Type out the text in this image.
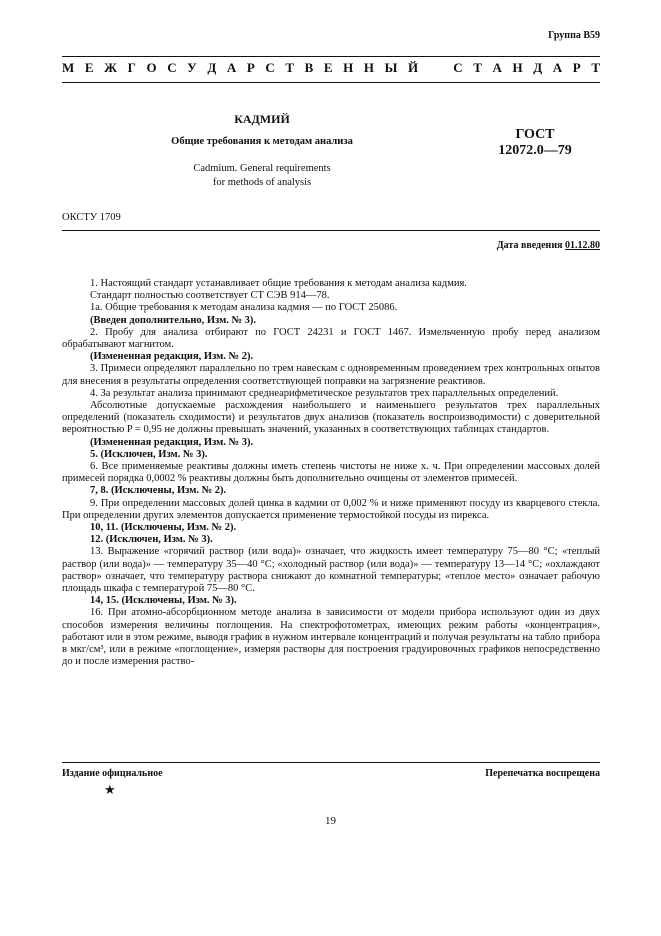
Группа В59
М Е Ж Г О С У Д А Р С Т В Е Н Н Ы Й	С Т А Н Д А Р Т
КАДМИЙ
Общие требования к методам анализа
Cadmium. General requirements
for methods of analysis
ГОСТ
12072.0—79
ОКСТУ 1709
Дата введения 01.12.80

1. Настоящий стандарт устанавливает общие требования к методам анализа кадмия.

Стандарт полностью соответствует СТ СЭВ 914—78.

1а. Общие требования к методам анализа кадмия — по ГОСТ 25086.

(Введен дополнительно, Изм. № 3).

2. Пробу для анализа отбирают по ГОСТ 24231 и ГОСТ 1467. Измельченную пробу перед анализом обрабатывают магнитом.

(Измененная редакция, Изм. № 2).

3. Примеси определяют параллельно по трем навескам с одновременным проведением трех контрольных опытов для внесения в результаты определения соответствующей поправки на загрязнение реактивов.

4. За результат анализа принимают среднеарифметическое результатов трех параллельных определений.

Абсолютные допускаемые расхождения наибольшего и наименьшего результатов трех параллельных определений (показатель сходимости) и результатов двух анализов (показатель воспроизводимости) с доверительной вероятностью P = 0,95 не должны превышать значений, указанных в соответствующих таблицах стандартов.

(Измененная редакция, Изм. № 3).

5. (Исключен, Изм. № 3).

6. Все применяемые реактивы должны иметь степень чистоты не ниже х. ч. При определении массовых долей примесей порядка 0,0002 % реактивы должны быть дополнительно очищены от элементов примесей.

7, 8. (Исключены, Изм. № 2).

9. При определении массовых долей цинка в кадмии от 0,002 % и ниже применяют посуду из кварцевого стекла. При определении других элементов допускается применение термостойкой посуды из пирекса.

10, 11. (Исключены, Изм. № 2).

12. (Исключен, Изм. № 3).

13. Выражение «горячий раствор (или вода)» означает, что жидкость имеет температуру 75—80 °С; «теплый раствор (или вода)» — температуру 35—40 °С; «холодный раствор (или вода)» — температуру 13—14 °С; «охлаждают раствор» означает, что температуру раствора снижают до комнатной температуры; «теплое место» означает рабочую площадь шкафа с температурой 75—80 °С.

14, 15. (Исключены, Изм. № 3).

16. При атомно-абсорбционном методе анализа в зависимости от модели прибора используют один из двух способов измерения величины поглощения. На спектрофотометрах, имеющих режим работы «концентрация», работают или в этом режиме, выводя график в нужном интервале концентраций и получая результаты на табло прибора в мкг/см³, или в режиме «поглощение», измеряя растворы для построения градуировочных графиков непосредственно до и после измерения раство-

Издание официальное	Перепечатка воспрещена
★
19
